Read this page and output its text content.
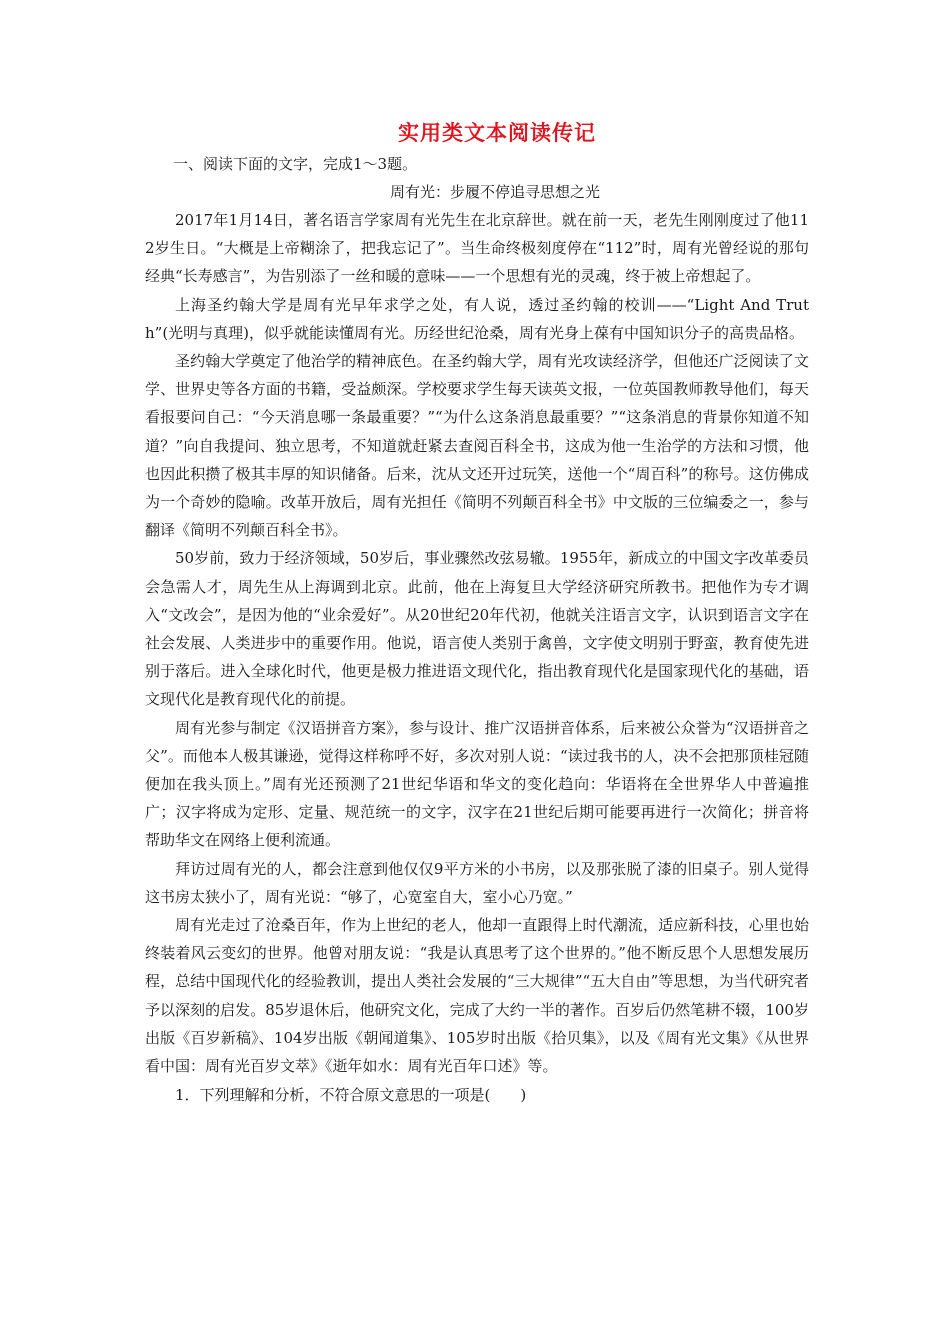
实用类文本阅读传记
一、阅读下面的文字，完成1～3题。
周有光：步履不停追寻思想之光

2017年1月14日，著名语言学家周有光先生在北京辞世。就在前一天，老先生刚刚度过了他112岁生日。“大概是上帝糊涂了，把我忘记了”。当生命终极刻度停在“112”时，周有光曾经说的那句经典“长寿感言”，为告别添了一丝和暖的意味——一个思想有光的灵魂，终于被上帝想起了。

上海圣约翰大学是周有光早年求学之处，有人说，透过圣约翰的校训——“Light And Truth”(光明与真理)，似乎就能读懂周有光。历经世纪沧桑，周有光身上葆有中国知识分子的高贵品格。

圣约翰大学奠定了他治学的精神底色。在圣约翰大学，周有光攻读经济学，但他还广泛阅读了文学、世界史等各方面的书籍，受益颇深。学校要求学生每天读英文报，一位英国教师教导他们，每天看报要问自己：“今天消息哪一条最重要？”“为什么这条消息最重要？”“这条消息的背景你知道不知道？”向自我提问、独立思考，不知道就赶紧去查阅百科全书，这成为他一生治学的方法和习惯，他也因此积攒了极其丰厚的知识储备。后来，沈从文还开过玩笑，送他一个“周百科”的称号。这仿佛成为一个奇妙的隐喻。改革开放后，周有光担任《简明不列颠百科全书》中文版的三位编委之一，参与翻译《简明不列颠百科全书》。

50岁前，致力于经济领域，50岁后，事业骤然改弦易辙。1955年，新成立的中国文字改革委员会急需人才，周先生从上海调到北京。此前，他在上海复旦大学经济研究所教书。把他作为专才调入“文改会”，是因为他的“业余爱好”。从20世纪20年代初，他就关注语言文字，认识到语言文字在社会发展、人类进步中的重要作用。他说，语言使人类别于禽兽，文字使文明别于野蛮，教育使先进别于落后。进入全球化时代，他更是极力推进语文现代化，指出教育现代化是国家现代化的基础，语文现代化是教育现代化的前提。

周有光参与制定《汉语拼音方案》，参与设计、推广汉语拼音体系，后来被公众誉为“汉语拼音之父”。而他本人极其谦逊，觉得这样称呼不好，多次对别人说：“读过我书的人，决不会把那顶桂冠随便加在我头顶上。”周有光还预测了21世纪华语和华文的变化趋向：华语将在全世界华人中普遍推广；汉字将成为定形、定量、规范统一的文字，汉字在21世纪后期可能要再进行一次简化；拼音将帮助华文在网络上便利流通。

拜访过周有光的人，都会注意到他仅仅9平方米的小书房，以及那张脱了漆的旧桌子。别人觉得这书房太狭小了，周有光说：“够了，心宽室自大，室小心乃宽。”

周有光走过了沧桑百年，作为上世纪的老人，他却一直跟得上时代潮流，适应新科技，心里也始终装着风云变幻的世界。他曾对朋友说：“我是认真思考了这个世界的。”他不断反思个人思想发展历程，总结中国现代化的经验教训，提出人类社会发展的“三大规律”“五大自由”等思想，为当代研究者予以深刻的启发。85岁退休后，他研究文化，完成了大约一半的著作。百岁后仍然笔耕不辍，100岁出版《百岁新稿》、104岁出版《朝闻道集》、105岁时出版《拾贝集》，以及《周有光文集》《从世界看中国：周有光百岁文萃》《逝年如水：周有光百年口述》等。

1．下列理解和分析，不符合原文意思的一项是(　　)
